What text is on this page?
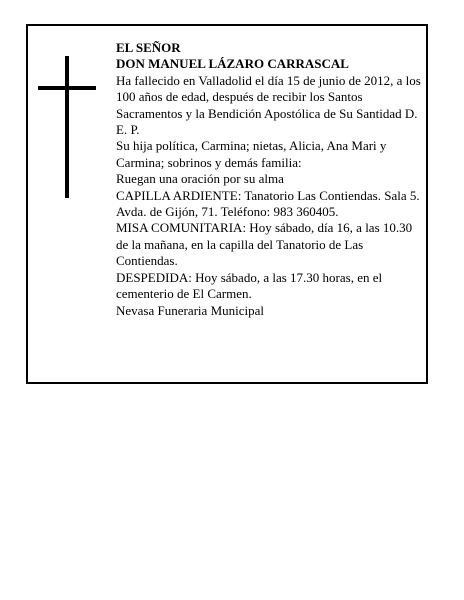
EL SEÑOR

DON MANUEL LÁZARO CARRASCAL

Ha fallecido en Valladolid el día 15 de junio de 2012, a los 100 años de edad, después de recibir los Santos Sacramentos y la Bendición Apostólica de Su Santidad D. E. P.

Su hija política, Carmina; nietas, Alicia, Ana Mari y Carmina; sobrinos y demás familia:

Ruegan una oración por su alma

CAPILLA ARDIENTE: Tanatorio Las Contiendas. Sala 5. Avda. de Gijón, 71. Teléfono: 983 360405.

MISA COMUNITARIA: Hoy sábado, día 16, a las 10.30 de la mañana, en la capilla del Tanatorio de Las Contiendas.

DESPEDIDA: Hoy sábado, a las 17.30 horas, en el cementerio de El Carmen.

Nevasa Funeraria Municipal
